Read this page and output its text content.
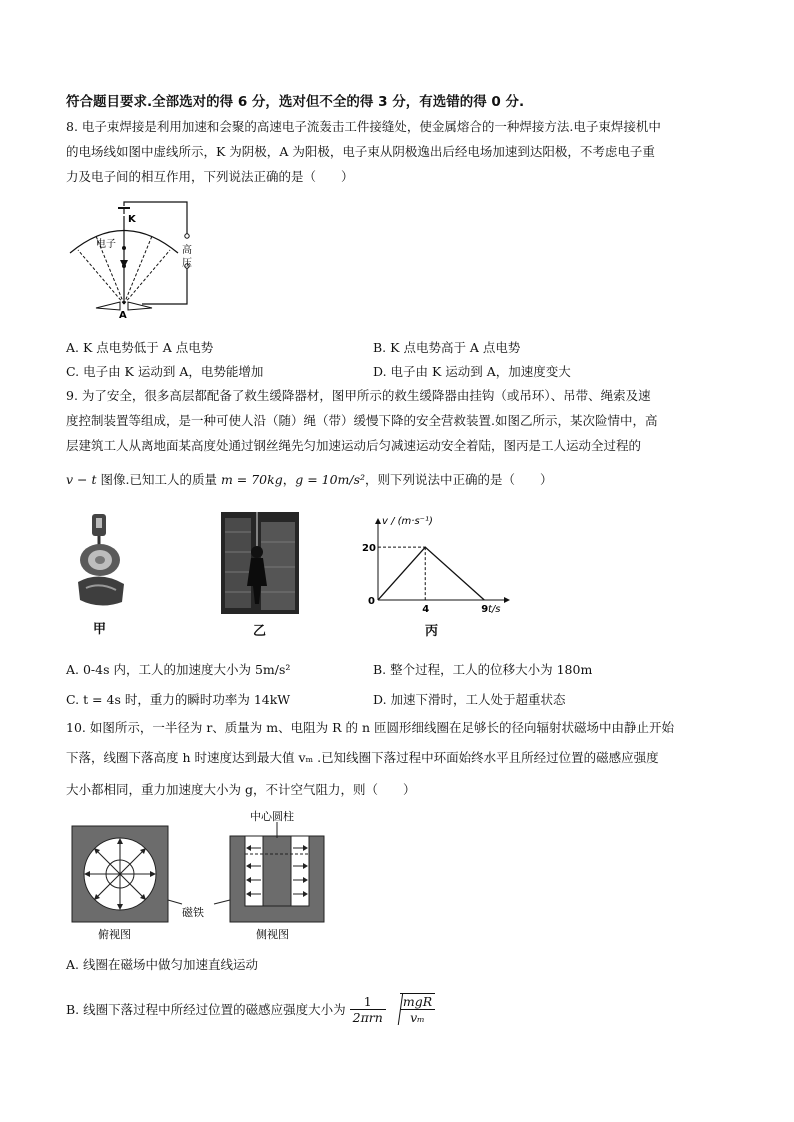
符合题目要求.全部选对的得 6 分，选对但不全的得 3 分，有选错的得 0 分.
8. 电子束焊接是利用加速和会聚的高速电子流轰击工件接缝处，使金属熔合的一种焊接方法.电子束焊接机中
的电场线如图中虚线所示，K 为阴极，A 为阳极，电子束从阴极逸出后经电场加速到达阳极，不考虑电子重
力及电子间的相互作用，下列说法正确的是（　　）
K
电子
高
压
A
A. K 点电势低于 A 点电势	B. K 点电势高于 A 点电势
C. 电子由 K 运动到 A，电势能增加	D. 电子由 K 运动到 A，加速度变大
9. 为了安全，很多高层都配备了救生缓降器材，图甲所示的救生缓降器由挂钩（或吊环）、吊带、绳索及速
度控制装置等组成，是一种可使人沿（随）绳（带）缓慢下降的安全营救装置.如图乙所示，某次险情中，高
层建筑工人从离地面某高度处通过钢丝绳先匀加速运动后匀减速运动安全着陆，图丙是工人运动全过程的
v − t 图像.已知工人的质量 m = 70kg，g = 10m/s²，则下列说法中正确的是（　　）
甲	乙
0
4	9
20
v / (m·s⁻¹)
t/s
丙
A. 0-4s 内，工人的加速度大小为 5m/s²	B. 整个过程，工人的位移大小为 180m
C. t = 4s 时，重力的瞬时功率为 14kW	D. 加速下滑时，工人处于超重状态
10. 如图所示，一半径为 r、质量为 m、电阻为 R 的 n 匝圆形细线圈在足够长的径向辐射状磁场中由静止开始
下落，线圈下落高度 h 时速度达到最大值 vₘ .已知线圈下落过程中环面始终水平且所经过位置的磁感应强度
大小都相同，重力加速度大小为 g，不计空气阻力，则（　　）
中心圆柱
磁铁
俯视图	侧视图
A. 线圈在磁场中做匀加速直线运动
B. 线圈下落过程中所经过位置的磁感应强度大小为 $\frac{1}{\text{2πrn}} \frac{\text{mgR}}{\text{vₘ}}$
